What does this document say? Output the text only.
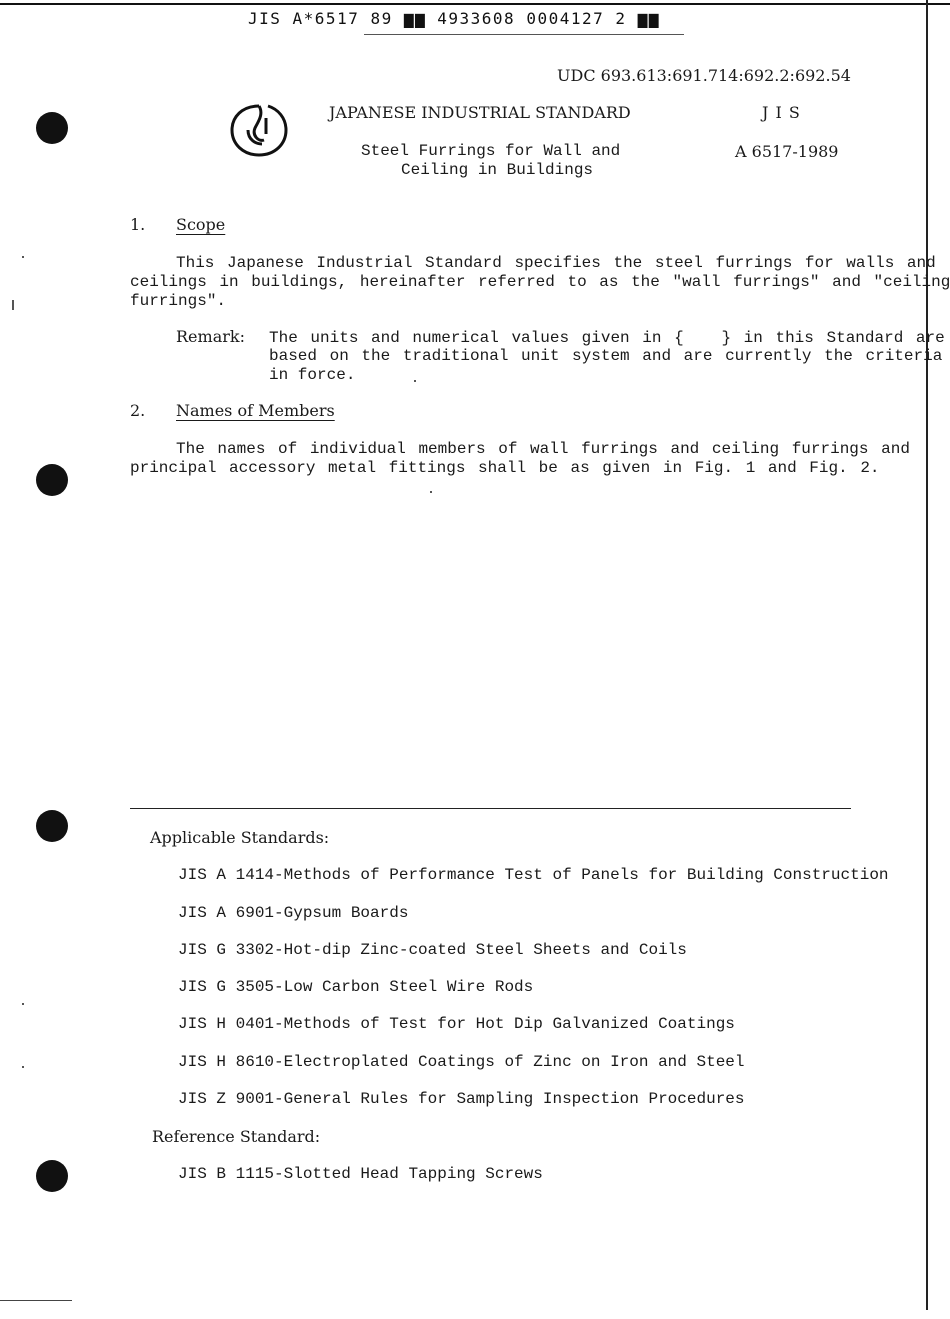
JIS A*6517 89 ▆▆ 4933608 0004127 2 ▆▆
UDC 693.613:691.714:692.2:692.54
JAPANESE INDUSTRIAL STANDARD	J I S
Steel Furrings for Wall and
Ceiling in Buildings
A 6517-1989
1. Scope
This Japanese Industrial Standard specifies the steel furrings for walls and
ceilings in buildings, hereinafter referred to as the "wall furrings" and "ceiling
furrings".
Remark: The units and numerical values given in {   } in this Standard are
based on the traditional unit system and are currently the criteria
in force.
2. Names of Members
The names of individual members of wall furrings and ceiling furrings and
principal accessory metal fittings shall be as given in Fig. 1 and Fig. 2.
Applicable Standards:
JIS A 1414-Methods of Performance Test of Panels for Building Construction
JIS A 6901-Gypsum Boards
JIS G 3302-Hot-dip Zinc-coated Steel Sheets and Coils
JIS G 3505-Low Carbon Steel Wire Rods
JIS H 0401-Methods of Test for Hot Dip Galvanized Coatings
JIS H 8610-Electroplated Coatings of Zinc on Iron and Steel
JIS Z 9001-General Rules for Sampling Inspection Procedures
Reference Standard:
JIS B 1115-Slotted Head Tapping Screws
